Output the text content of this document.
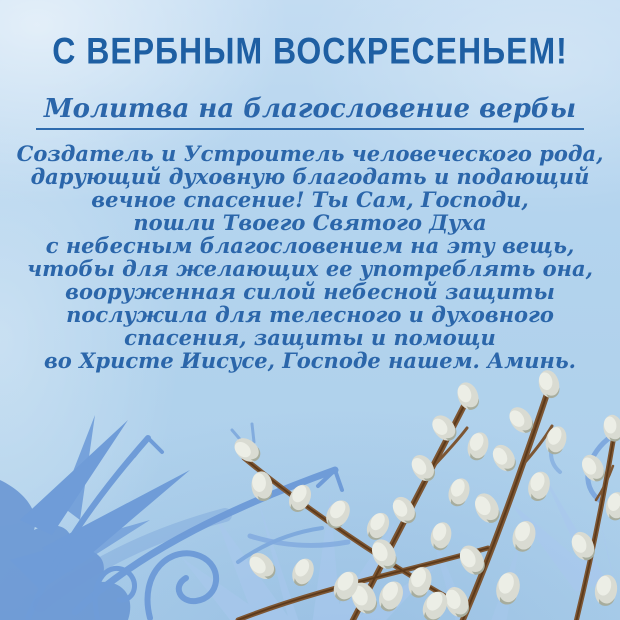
С ВЕРБНЫМ ВОСКРЕСЕНЬЕМ!
Молитва на благословение вербы
Создатель и Устроитель человеческого рода,
дарующий духовную благодать и подающий
вечное спасение! Ты Сам, Господи,
пошли Твоего Святого Духа
с небесным благословением на эту вещь,
чтобы для желающих ее употреблять она,
вооруженная силой небесной защиты
послужила для телесного и духовного
спасения, защиты и помощи
во Христе Иисусе, Господе нашем. Аминь.
